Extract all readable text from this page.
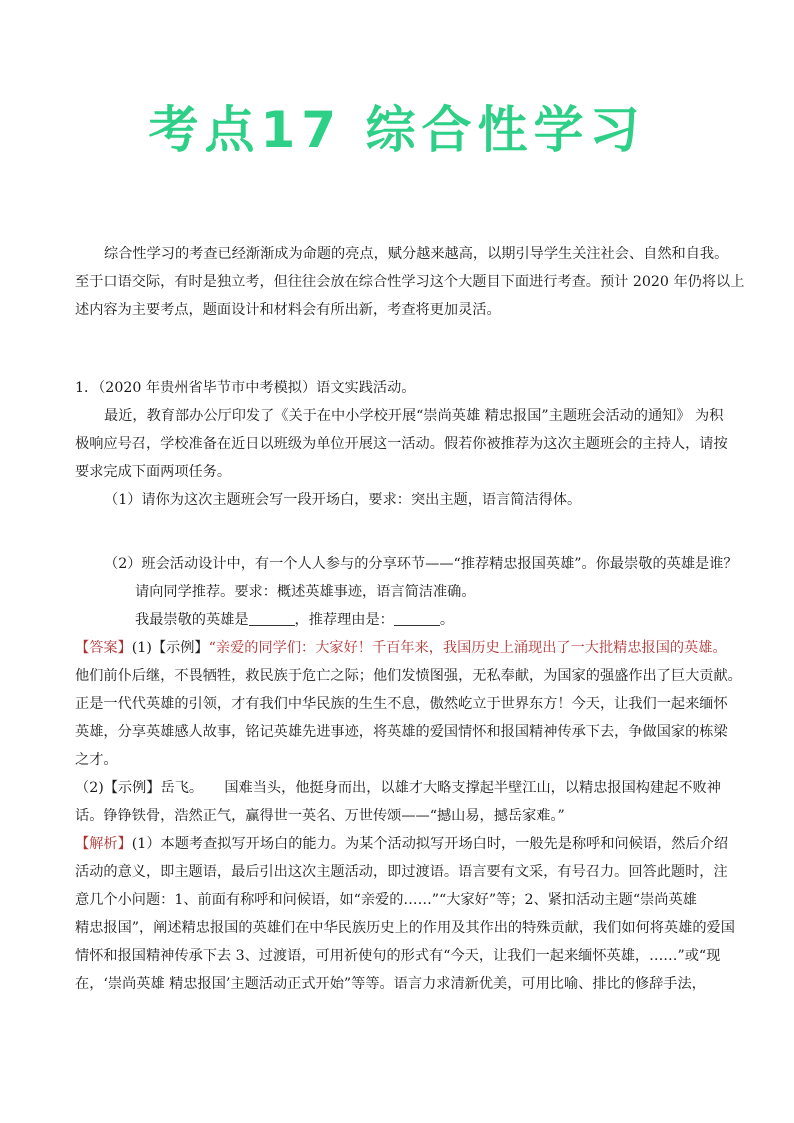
考点17 综合性学习

综合性学习的考查已经渐渐成为命题的亮点，赋分越来越高，以期引导学生关注社会、自然和自我。

至于口语交际，有时是独立考，但往往会放在综合性学习这个大题目下面进行考查。预计 2020 年仍将以上

述内容为主要考点，题面设计和材料会有所出新，考查将更加灵活。

1．（2020 年贵州省毕节市中考模拟）语文实践活动。

最近，教育部办公厅印发了《关于在中小学校开展“崇尚英雄 精忠报国”主题班会活动的通知》 为积

极响应号召，学校准备在近日以班级为单位开展这一活动。假若你被推荐为这次主题班会的主持人，请按

要求完成下面两项任务。

（1）请你为这次主题班会写一段开场白，要求：突出主题，语言简洁得体。

（2）班会活动设计中，有一个人人参与的分享环节——“推荐精忠报国英雄”。你最崇敬的英雄是谁？

请向同学推荐。要求：概述英雄事迹，语言简洁准确。

我最崇敬的英雄是	，推荐理由是：	。

【答案】(1)【示例】“亲爱的同学们：大家好！千百年来，我国历史上涌现出了一大批精忠报国的英雄。

他们前仆后继，不畏牺牲，救民族于危亡之际；他们发愤图强，无私奉献，为国家的强盛作出了巨大贡献。

正是一代代英雄的引领，才有我们中华民族的生生不息，傲然屹立于世界东方！今天，让我们一起来缅怀

英雄，分享英雄感人故事，铭记英雄先进事迹，将英雄的爱国情怀和报国精神传承下去，争做国家的栋梁

之才。

（2)【示例】岳飞。　　国难当头，他挺身而出，以雄才大略支撑起半壁江山，以精忠报国构建起不败神

话。铮铮铁骨，浩然正气，赢得世一英名、万世传颂——“撼山易，撼岳家难。”

【解析】(1）本题考查拟写开场白的能力。为某个活动拟写开场白时，一般先是称呼和问候语，然后介绍

活动的意义，即主题语，最后引出这次主题活动，即过渡语。语言要有文采，有号召力。回答此题时，注

意几个小问题：1、前面有称呼和问候语，如“亲爱的……”“大家好”等；2、紧扣活动主题“崇尚英雄

精忠报国”，阐述精忠报国的英雄们在中华民族历史上的作用及其作出的特殊贡献，我们如何将英雄的爱国

情怀和报国精神传承下去 3、过渡语，可用祈使句的形式有“今天，让我们一起来缅怀英雄，……”或“现

在，‘崇尚英雄 精忠报国’主题活动正式开始”等等。语言力求清新优美，可用比喻、排比的修辞手法，
